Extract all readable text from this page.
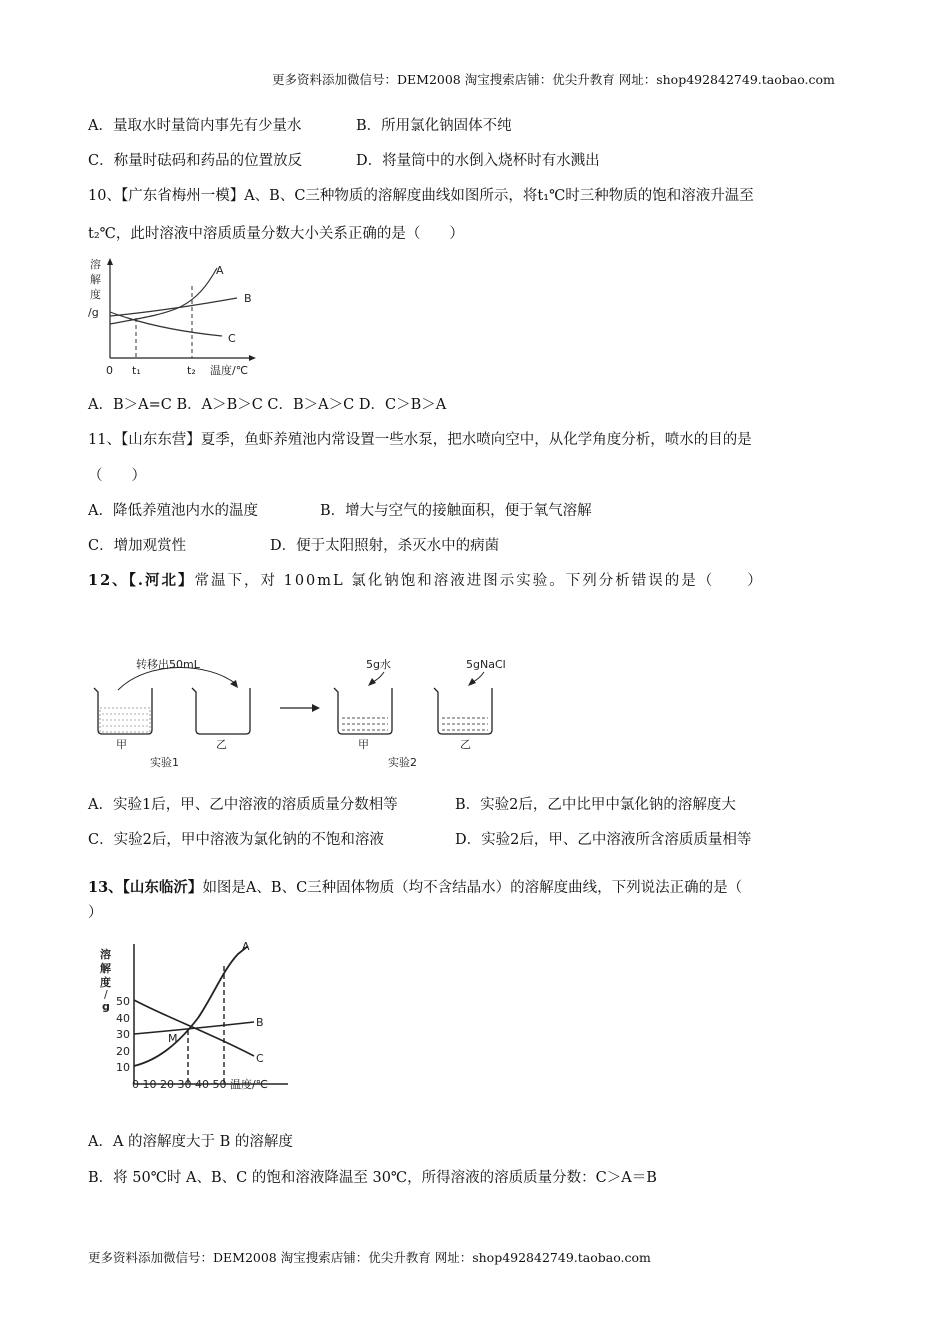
更多资料添加微信号：DEM2008 淘宝搜索店铺：优尖升教育 网址：shop492842749.taobao.com
A．量取水时量筒内事先有少量水	B．所用氯化钠固体不纯
C．称量时砝码和药品的位置放反	D．将量筒中的水倒入烧杯时有水溅出
10、【广东省梅州一模】A、B、C三种物质的溶解度曲线如图所示，将t₁℃时三种物质的饱和溶液升温至
t₂℃，此时溶液中溶质质量分数大小关系正确的是（　　）
溶
解
度
/g
A
B
C
0 t₁	t₂ 温度/℃
A．B＞A=C B．A＞B＞C C．B＞A＞C D．C＞B＞A
11、【山东东营】夏季，鱼虾养殖池内常设置一些水泵，把水喷向空中，从化学角度分析，喷水的目的是
（　　）
A．降低养殖池内水的温度	B．增大与空气的接触面积，便于氧气溶解
C．增加观赏性	D．便于太阳照射，杀灭水中的病菌
12、【.河北】常温下，对 100mL 氯化钠饱和溶液进图示实验。下列分析错误的是（　　）
转移出50mL
甲	乙
实验1
5g水
甲
5gNaCl
乙
实验2
A．实验1后，甲、乙中溶液的溶质质量分数相等	B．实验2后，乙中比甲中氯化钠的溶解度大
C．实验2后，甲中溶液为氯化钠的不饱和溶液	D．实验2后，甲、乙中溶液所含溶质质量相等
13、【山东临沂】如图是A、B、C三种固体物质（均不含结晶水）的溶解度曲线，下列说法正确的是（
）
溶
解
度
/
g 50
40
30
20
10
A
B
C
M
0 10 20 30 40 50 温度/℃
A．A 的溶解度大于 B 的溶解度
B．将 50℃时 A、B、C 的饱和溶液降温至 30℃，所得溶液的溶质质量分数：C＞A＝B
更多资料添加微信号：DEM2008 淘宝搜索店铺：优尖升教育 网址：shop492842749.taobao.com
